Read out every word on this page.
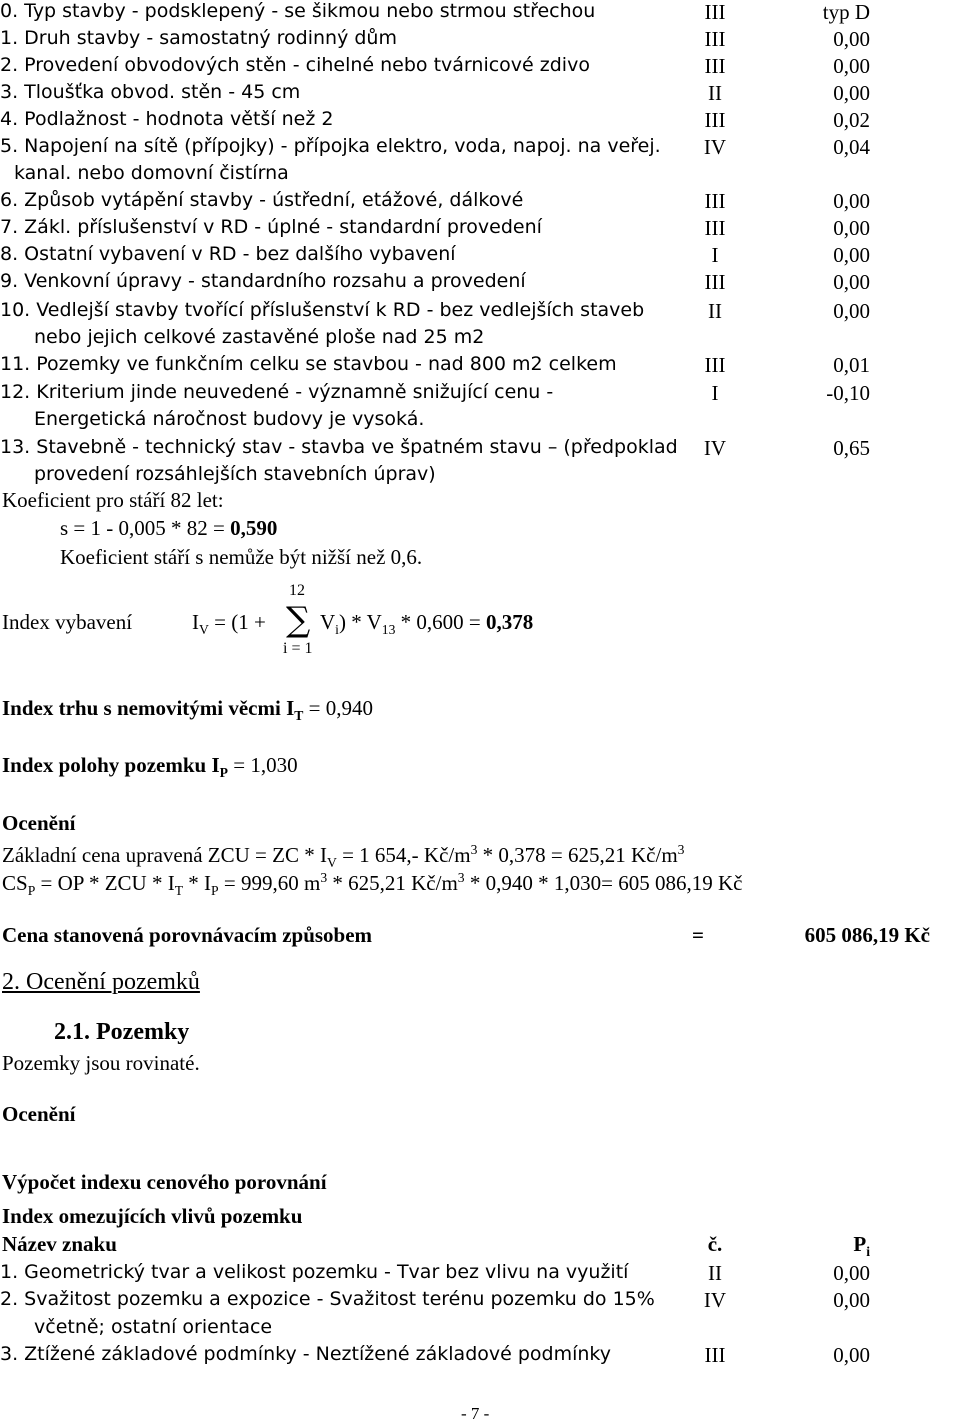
0. Typ stavby - podsklepený - se šikmou nebo strmou střechou	III	typ D
1. Druh stavby - samostatný rodinný dům	III	0,00
2. Provedení obvodových stěn - cihelné nebo tvárnicové zdivo	III	0,00
3. Tloušťka obvod. stěn - 45 cm	II	0,00
4. Podlažnost - hodnota větší než 2	III	0,02
5. Napojení na sítě (přípojky) - přípojka elektro, voda, napoj. na veřej.
kanal. nebo domovní čistírna
IV	0,04
6. Způsob vytápění stavby - ústřední, etážové, dálkové	III	0,00
7. Zákl. příslušenství v RD - úplné - standardní provedení	III	0,00
8. Ostatní vybavení v RD - bez dalšího vybavení	I	0,00
9. Venkovní úpravy - standardního rozsahu a provedení	III	0,00
10. Vedlejší stavby tvořící příslušenství k RD - bez vedlejších staveb
nebo jejich celkové zastavěné ploše nad 25 m2
II	0,00
11. Pozemky ve funkčním celku se stavbou - nad 800 m2 celkem	III	0,01
12. Kriterium jinde neuvedené - významně snižující cenu -
Energetická náročnost budovy je vysoká.
I	-0,10
13. Stavebně - technický stav - stavba ve špatném stavu – (předpoklad
provedení rozsáhlejších stavebních úprav)
IV	0,65
Koeficient pro stáří 82 let:
s = 1 - 0,005 * 82 = 0,590
Koeficient stáří s nemůže být nižší než 0,6.
12
Index vybavení	$I_V = (1$ + ∑ $V_i) * V_{13} * 0,600 = 0,378$
i = 1
Index trhu s nemovitými věcmi $I_T = 0,940$
Index polohy pozemku $I_P = 1,030$
Ocenění
Základní cena upravená ZCU = ZC * $I_V = 1$ 654,- $Kč/m^3 * 0,378 = 625,21$ $Kč/m^3$
$CS_P$ = OP * ZCU * $I_T * I_P = 999,60$ $m^3 * 625,21$ $Kč/m^3 * 0,940 * 1,030= 605$ 086,19 Kč
Cena stanovená porovnávacím způsobem	=	605 086,19 Kč
2. Ocenění pozemků
2.1. Pozemky
Pozemky jsou rovinaté.
Ocenění
Výpočet indexu cenového porovnání
Index omezujících vlivů pozemku
Název znaku	č.	$P_i$
1. Geometrický tvar a velikost pozemku - Tvar bez vlivu na využití	II	0,00
2. Svažitost pozemku a expozice - Svažitost terénu pozemku do 15%
včetně; ostatní orientace
IV	0,00
3. Ztížené základové podmínky - Neztížené základové podmínky	III	0,00
- 7 -
